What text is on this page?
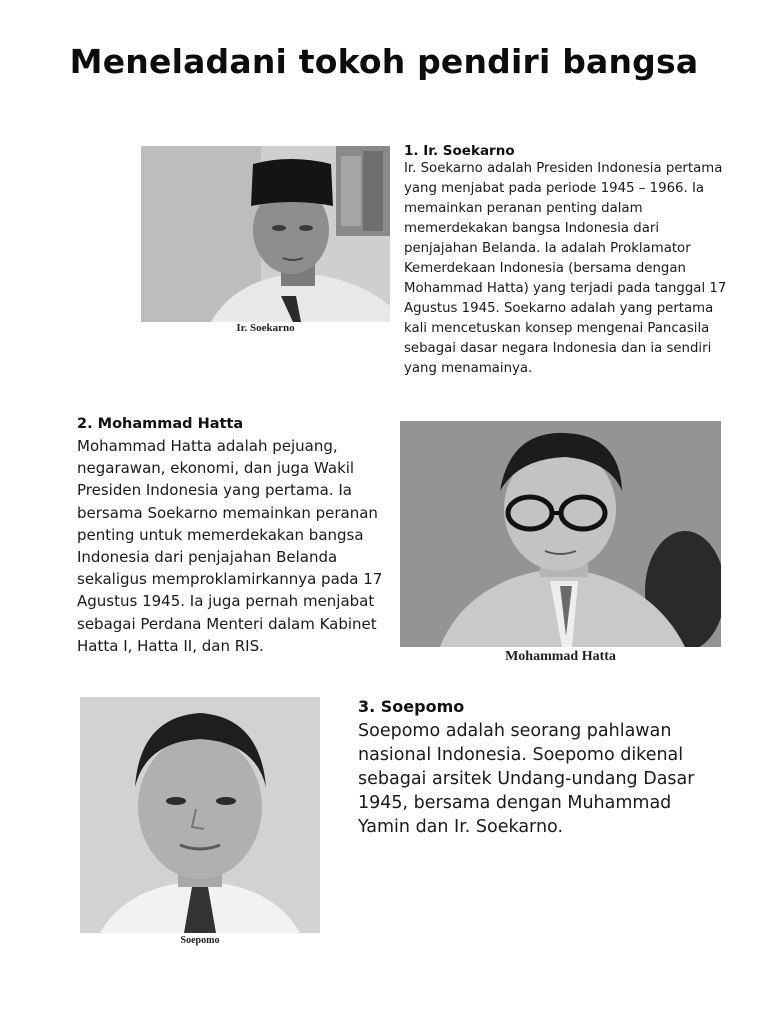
Meneladani tokoh pendiri bangsa
Ir. Soekarno
1. Ir. Soekarno

Ir. Soekarno adalah Presiden Indonesia pertama yang menjabat pada periode 1945 – 1966. Ia memainkan peranan penting dalam memerdekakan bangsa Indonesia dari penjajahan Belanda. Ia adalah Proklamator Kemerdekaan Indonesia (bersama dengan Mohammad Hatta) yang terjadi pada tanggal 17 Agustus 1945. Soekarno adalah yang pertama kali mencetuskan konsep mengenai Pancasila sebagai dasar negara Indonesia dan ia sendiri yang menamainya.

2. Mohammad Hatta

Mohammad Hatta adalah pejuang, negarawan, ekonomi, dan juga Wakil Presiden Indonesia yang pertama. Ia bersama Soekarno memainkan peranan penting untuk memerdekakan bangsa Indonesia dari penjajahan Belanda sekaligus memproklamirkannya pada 17 Agustus 1945. Ia juga pernah menjabat sebagai Perdana Menteri dalam Kabinet Hatta I, Hatta II, dan RIS.

Mohammad Hatta
Soepomo
3. Soepomo

Soepomo adalah seorang pahlawan nasional Indonesia. Soepomo dikenal sebagai arsitek Undang-undang Dasar 1945, bersama dengan Muhammad Yamin dan Ir. Soekarno.
